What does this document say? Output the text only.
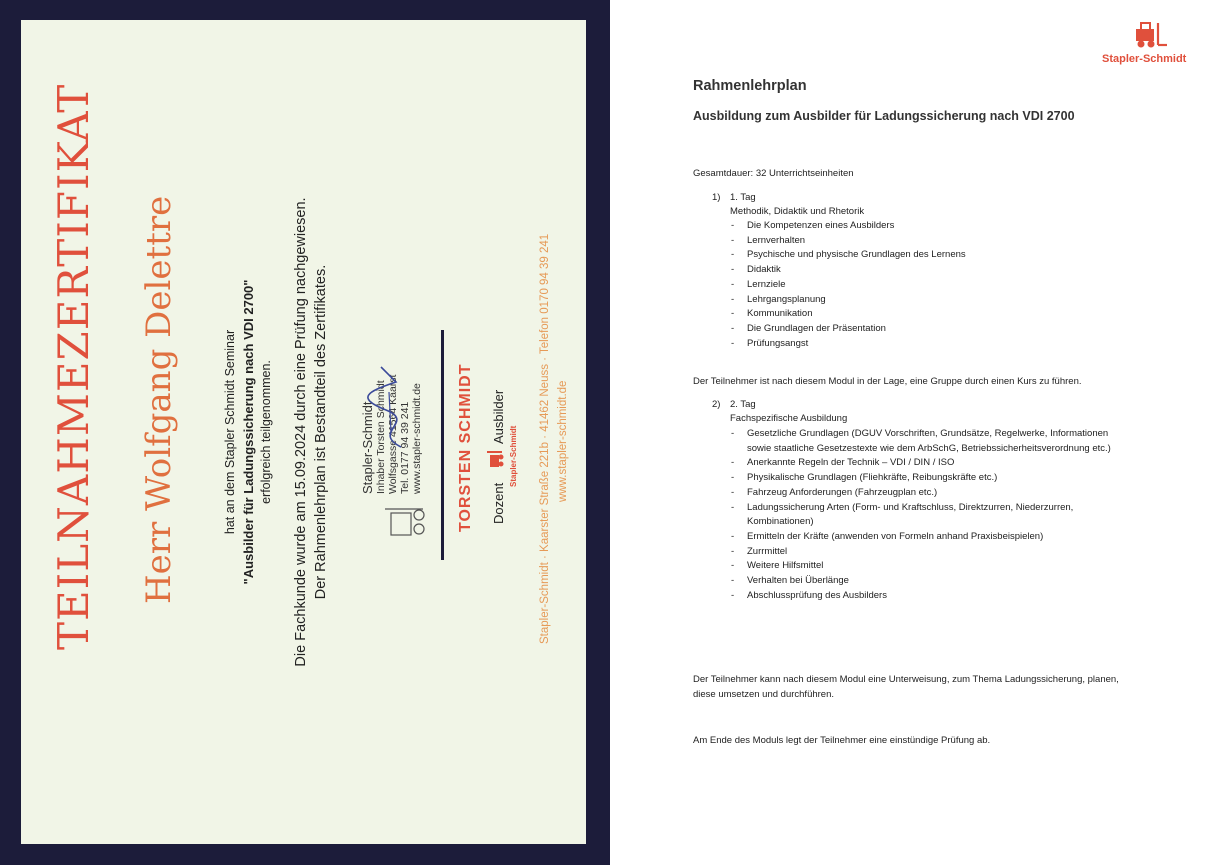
TEILNAHMEZERTIFIKAT Herr Wolfgang Delettre	hat an dem Stapler Schmidt Seminar "Ausbilder für Ladungssicherung nach VDI 2700" erfolgreich teilgenommen. Die Fachkunde wurde am 15.09.2024 durch eine Prüfung nachgewiesen. Der Rahmenlehrplan ist Bestandteil des Zertifikates. Stapler-Schmidt Inhaber Torsten Schmidt Wolfsgasse 41564 Kaarst Tel. 0177 94 39 241 www.stapler-schmidt.de TORSTEN SCHMIDT Dozent
Ausbilder
Stapler-Schmidt Stapler-Schmidt · Kaarster Straße 221b · 41462 Neuss · Telefon 0170 94 39 241 www.stapler-schmidt.de
Stapler-Schmidt
Rahmenlehrplan
Ausbildung zum Ausbilder für Ladungssicherung nach VDI 2700
Gesamtdauer: 32 Unterrichtseinheiten
1) 1. Tag
Methodik, Didaktik und Rhetorik
- Die Kompetenzen eines Ausbilders
- Lernverhalten
- Psychische und physische Grundlagen des Lernens
- Didaktik
- Lernziele
- Lehrgangsplanung
- Kommunikation
- Die Grundlagen der Präsentation
- Prüfungsangst
Der Teilnehmer ist nach diesem Modul in der Lage, eine Gruppe durch einen Kurs zu führen.
2) 2. Tag
Fachspezifische Ausbildung
- Gesetzliche Grundlagen (DGUV Vorschriften, Grundsätze, Regelwerke, Informationen
sowie staatliche Gesetzestexte wie dem ArbSchG, Betriebssicherheitsverordnung etc.)
- Anerkannte Regeln der Technik – VDI / DIN / ISO
- Physikalische Grundlagen (Fliehkräfte, Reibungskräfte etc.)
- Fahrzeug Anforderungen (Fahrzeugplan etc.)
- Ladungssicherung Arten (Form- und Kraftschluss, Direktzurren, Niederzurren,
Kombinationen)
- Ermitteln der Kräfte (anwenden von Formeln anhand Praxisbeispielen)
- Zurrmittel
- Weitere Hilfsmittel
- Verhalten bei Überlänge
- Abschlussprüfung des Ausbilders
Der Teilnehmer kann nach diesem Modul eine Unterweisung, zum Thema Ladungssicherung, planen,
diese umsetzen und durchführen.
Am Ende des Moduls legt der Teilnehmer eine einstündige Prüfung ab.
